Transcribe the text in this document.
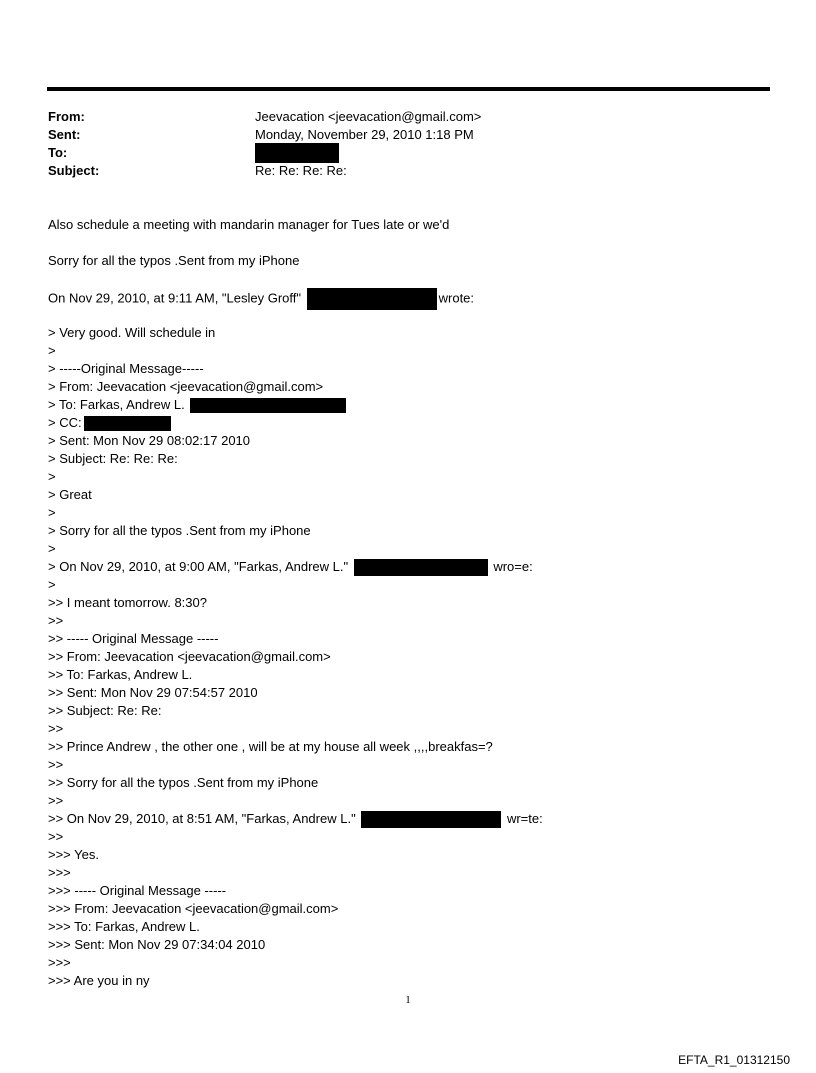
From:	Jeevacation <jeevacation@gmail.com>
Sent:	Monday, November 29, 2010 1:18 PM
To:
Subject:	Re: Re: Re: Re:
Also schedule a meeting with mandarin manager for Tues late or we'd
Sorry for all the typos .Sent from my iPhone
On Nov 29, 2010, at 9:11 AM, "Lesley Groff"	wrote:
> Very good. Will schedule in
>
> -----Original Message-----
> From: Jeevacation <jeevacation@gmail.com>
> To: Farkas, Andrew L.
> CC:
> Sent: Mon Nov 29 08:02:17 2010
> Subject: Re: Re: Re:
>
> Great
>
> Sorry for all the typos .Sent from my iPhone
>
> On Nov 29, 2010, at 9:00 AM, "Farkas, Andrew L."	wro=e:
>
>> I meant tomorrow. 8:30?
>>
>> ----- Original Message -----
>> From: Jeevacation <jeevacation@gmail.com>
>> To: Farkas, Andrew L.
>> Sent: Mon Nov 29 07:54:57 2010
>> Subject: Re: Re:
>>
>> Prince Andrew , the other one , will be at my house all week ,,,,breakfas=?
>>
>> Sorry for all the typos .Sent from my iPhone
>>
>> On Nov 29, 2010, at 8:51 AM, "Farkas, Andrew L."	wr=te:
>>
>>> Yes.
>>>
>>> ----- Original Message -----
>>> From: Jeevacation <jeevacation@gmail.com>
>>> To: Farkas, Andrew L.
>>> Sent: Mon Nov 29 07:34:04 2010
>>>
>>> Are you in ny
1
EFTA_R1_01312150
